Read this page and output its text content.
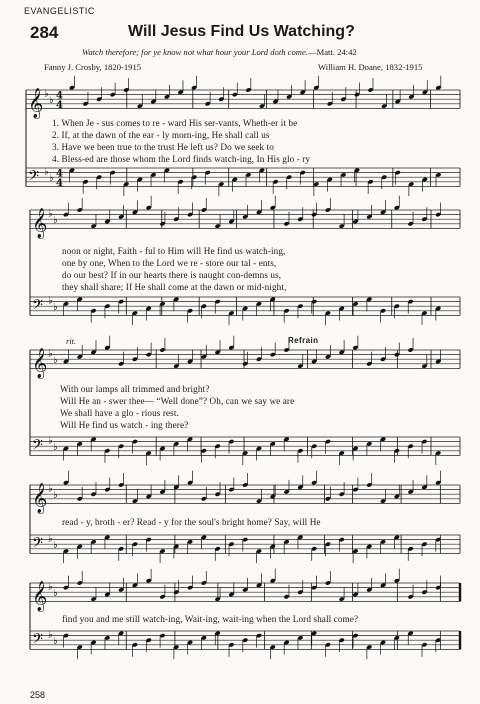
𝄞 ♭
♭ 4
4
𝄢 ♭
♭ 4
4
𝄞 ♭
♭
𝄢 ♭
♭
𝄞 ♭
♭
𝄢 ♭
♭
𝄞 ♭
♭
𝄢 ♭
♭
𝄞 ♭
♭
𝄢 ♭
♭
EVANGELISTIC
284	Will Jesus Find Us Watching?
Watch therefore; for ye know not what hour your Lord doth come.—Matt. 24:42
Fanny J. Crosby, 1820-1915	William H. Doane, 1832-1915
1. When Je - sus comes to re - ward His ser-vants, Wheth-er it be
2. If, at the dawn of the ear - ly morn-ing, He shall call us
3. Have we been true to the trust He left us? Do we seek to
4. Bless-ed are those whom the Lord finds watch-ing, In His glo - ry
noon or night, Faith - ful to Him will He find us watch-ing,
one by one, When to the Lord we re - store our tal - ents,
do our best? If in our hearts there is naught con-demns us,
they shall share; If He shall come at the dawn or mid-night,
rit.	Refrain
With our lamps all trimmed and bright?
Will He an - swer thee— “Well done”? Oh, can we say we are
We shall have a glo - rious rest.
Will He find us watch - ing there?
read - y, broth - er? Read - y for the soul's bright home? Say, will He
find you and me still watch-ing, Wait-ing, wait-ing when the Lord shall come?
258
